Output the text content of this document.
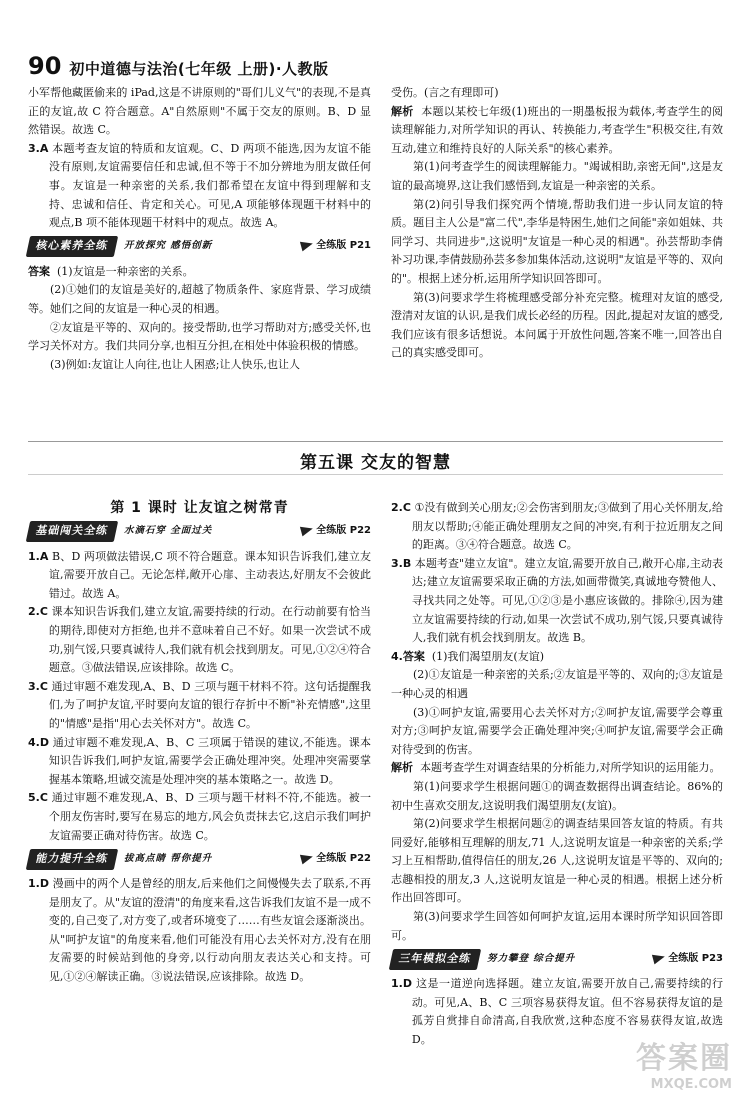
90 初中道德与法治(七年级 上册)·人教版

小军帮他藏匿偷来的 iPad,这是不讲原则的"哥们儿义气"的表现,不是真正的友谊,故 C 符合题意。A"自然原则"不属于交友的原则。B、D 显然错误。故选 C。

3.A 本题考查友谊的特质和友谊观。C、D 两项不能选,因为友谊不能没有原则,友谊需要信任和忠诚,但不等于不加分辨地为朋友做任何事。友谊是一种亲密的关系,我们都希望在友谊中得到理解和支持、忠诚和信任、肯定和关心。可见,A 项能够体现题干材料中的观点,B 项不能体现题干材料中的观点。故选 A。

核心素养全练	开放探究 感悟创新	全练版 P21

答案 (1)友谊是一种亲密的关系。

(2)①她们的友谊是美好的,超越了物质条件、家庭背景、学习成绩等。她们之间的友谊是一种心灵的相遇。

②友谊是平等的、双向的。接受帮助,也学习帮助对方;感受关怀,也学习关怀对方。我们共同分享,也相互分担,在相处中体验积极的情感。

(3)例如:友谊让人向往,也让人困惑;让人快乐,也让人

受伤。(言之有理即可)

解析 本题以某校七年级(1)班出的一期墨板报为载体,考查学生的阅读理解能力,对所学知识的再认、转换能力,考查学生"积极交往,有效互动,建立和维持良好的人际关系"的核心素养。

第(1)问考查学生的阅读理解能力。"竭诚相助,亲密无间",这是友谊的最高境界,这让我们感悟到,友谊是一种亲密的关系。

第(2)问引导我们探究两个情境,帮助我们进一步认同友谊的特质。题目主人公是"富二代",李华是特困生,她们之间能"亲如姐妹、共同学习、共同进步",这说明"友谊是一种心灵的相遇"。孙芸帮助李倩补习功课,李倩鼓励孙芸多参加集体活动,这说明"友谊是平等的、双向的"。根据上述分析,运用所学知识回答即可。

第(3)问要求学生将梳理感受部分补充完整。梳理对友谊的感受,澄清对友谊的认识,是我们成长必经的历程。因此,提起对友谊的感受,我们应该有很多话想说。本问属于开放性问题,答案不唯一,回答出自己的真实感受即可。

第五课 交友的智慧

第 1 课时 让友谊之树常青

基础闯关全练	水滴石穿 全面过关	全练版 P22

1.A B、D 两项做法错误,C 项不符合题意。课本知识告诉我们,建立友谊,需要开放自己。无论怎样,敞开心扉、主动表达,好朋友不会彼此错过。故选 A。

2.C 课本知识告诉我们,建立友谊,需要持续的行动。在行动前要有恰当的期待,即使对方拒绝,也并不意味着自己不好。如果一次尝试不成功,别气馁,只要真诚待人,我们就有机会找到朋友。可见,①②④符合题意。③做法错误,应该排除。故选 C。

3.C 通过审题不难发现,A、B、D 三项与题干材料不符。这句话提醒我们,为了呵护友谊,平时要向友谊的银行存折中不断"补充情感",这里的"情感"是指"用心去关怀对方"。故选 C。

4.D 通过审题不难发现,A、B、C 三项属于错误的建议,不能选。课本知识告诉我们,呵护友谊,需要学会正确处理冲突。处理冲突需要掌握基本策略,坦诚交流是处理冲突的基本策略之一。故选 D。

5.C 通过审题不难发现,A、B、D 三项与题干材料不符,不能选。被一个朋友伤害时,要写在易忘的地方,风会负责抹去它,这启示我们呵护友谊需要正确对待伤害。故选 C。

能力提升全练	拔高点睛 帮你提升	全练版 P22

1.D 漫画中的两个人是曾经的朋友,后来他们之间慢慢失去了联系,不再是朋友了。从"友谊的澄清"的角度来看,这告诉我们友谊不是一成不变的,自己变了,对方变了,或者环境变了……有些友谊会逐渐淡出。从"呵护友谊"的角度来看,他们可能没有用心去关怀对方,没有在朋友需要的时候站到他的身旁,以行动向朋友表达关心和支持。可见,①②④解读正确。③说法错误,应该排除。故选 D。

2.C ①没有做到关心朋友;②会伤害到朋友;③做到了用心关怀朋友,给朋友以帮助;④能正确处理朋友之间的冲突,有利于拉近朋友之间的距离。③④符合题意。故选 C。

3.B 本题考查"建立友谊"。建立友谊,需要开放自己,敞开心扉,主动表达;建立友谊需要采取正确的方法,如画带微笑,真诚地夸赞他人、寻找共同之处等。可见,①②③是小惠应该做的。排除④,因为建立友谊需要持续的行动,如果一次尝试不成功,别气馁,只要真诚待人,我们就有机会找到朋友。故选 B。

4.答案 (1)我们渴望朋友(友谊)

(2)①友谊是一种亲密的关系;②友谊是平等的、双向的;③友谊是一种心灵的相遇

(3)①呵护友谊,需要用心去关怀对方;②呵护友谊,需要学会尊重对方;③呵护友谊,需要学会正确处理冲突;④呵护友谊,需要学会正确对待受到的伤害。

解析 本题考查学生对调查结果的分析能力,对所学知识的运用能力。

第(1)问要求学生根据问题①的调查数据得出调查结论。86%的初中生喜欢交朋友,这说明我们渴望朋友(友谊)。

第(2)问要求学生根据问题②的调查结果回答友谊的特质。有共同爱好,能够相互理解的朋友,71 人,这说明友谊是一种亲密的关系;学习上互相帮助,值得信任的朋友,26 人,这说明友谊是平等的、双向的;志趣相投的朋友,3 人,这说明友谊是一种心灵的相遇。根据上述分析作出回答即可。

第(3)问要求学生回答如何呵护友谊,运用本课时所学知识回答即可。

三年模拟全练	努力攀登 综合提升	全练版 P23

1.D 这是一道逆向选择题。建立友谊,需要开放自己,需要持续的行动。可见,A、B、C 三项容易获得友谊。但不容易获得友谊的是孤芳自赏排自命清高,自我欣赏,这种态度不容易获得友谊,故选 D。

答案圈
MXQE.COM
